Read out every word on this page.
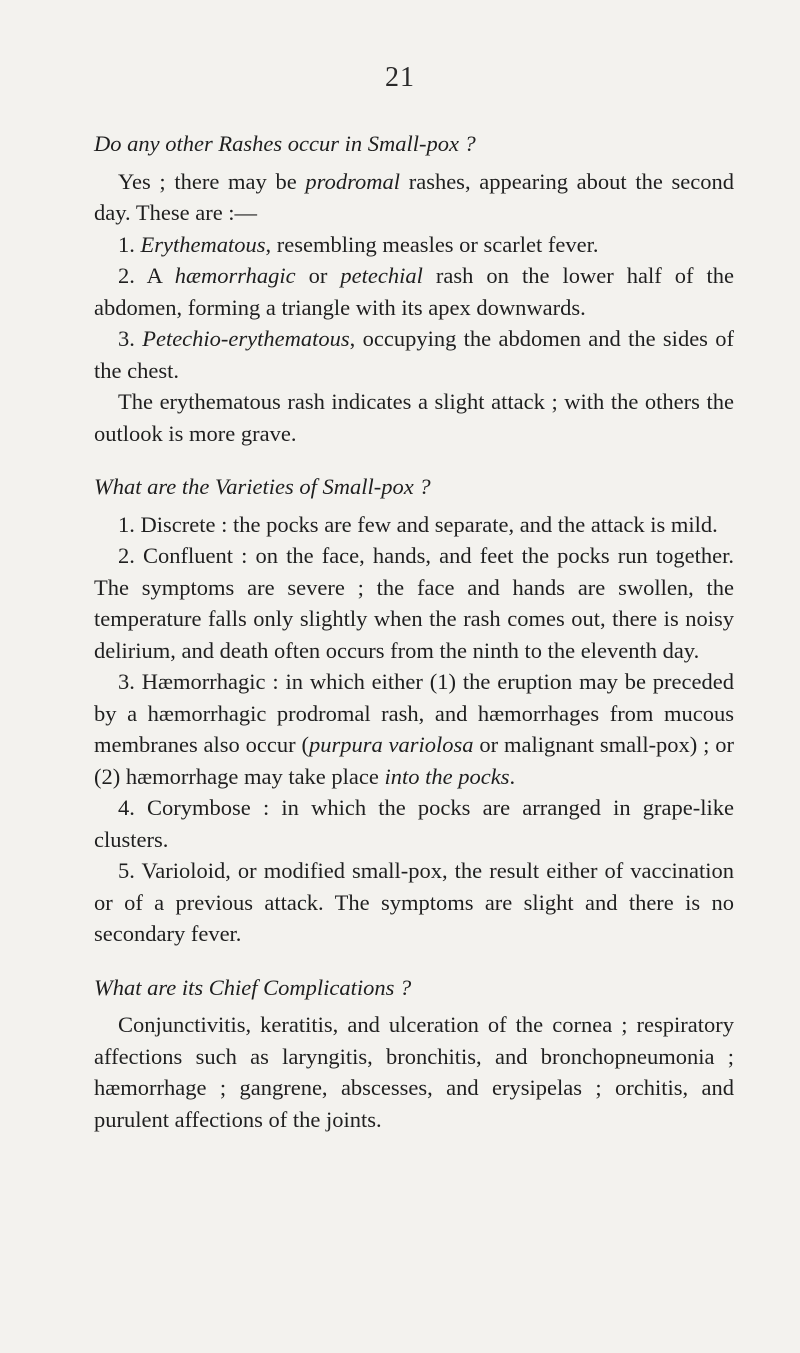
21

Do any other Rashes occur in Small-pox ?

Yes ; there may be prodromal rashes, appearing about the second day. These are :—

1. Erythematous, resembling measles or scarlet fever.

2. A hæmorrhagic or petechial rash on the lower half of the abdomen, forming a triangle with its apex downwards.

3. Petechio-erythematous, occupying the abdomen and the sides of the chest.

The erythematous rash indicates a slight attack ; with the others the outlook is more grave.

What are the Varieties of Small-pox ?

1. Discrete : the pocks are few and separate, and the attack is mild.

2. Confluent : on the face, hands, and feet the pocks run together. The symptoms are severe ; the face and hands are swollen, the temperature falls only slightly when the rash comes out, there is noisy delirium, and death often occurs from the ninth to the eleventh day.

3. Hæmorrhagic : in which either (1) the eruption may be preceded by a hæmorrhagic prodromal rash, and hæmorrhages from mucous membranes also occur (purpura variolosa or malignant small-pox) ; or (2) hæmorrhage may take place into the pocks.

4. Corymbose : in which the pocks are arranged in grape-like clusters.

5. Varioloid, or modified small-pox, the result either of vaccination or of a previous attack. The symptoms are slight and there is no secondary fever.

What are its Chief Complications ?

Conjunctivitis, keratitis, and ulceration of the cornea ; respiratory affections such as laryngitis, bronchitis, and bronchopneumonia ; hæmorrhage ; gangrene, abscesses, and erysipelas ; orchitis, and purulent affections of the joints.
